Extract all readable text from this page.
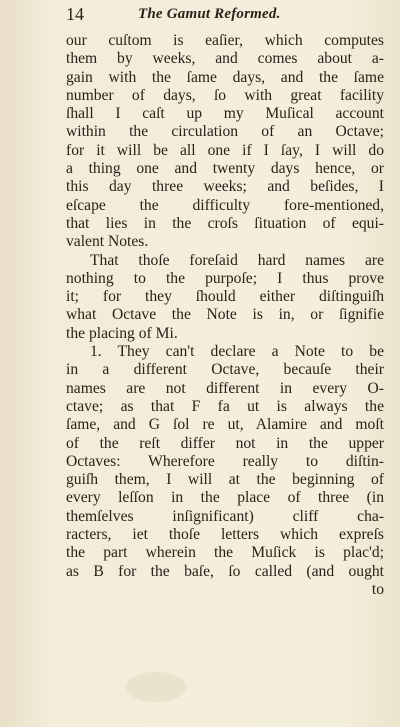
14	The Gamut Reformed.
our cuſtom is eaſier, which computes
them by weeks, and comes about a-
gain with the ſame days, and the ſame
number of days, ſo with great facility
ſhall I caſt up my Muſical account
within the circulation of an Octave;
for it will be all one if I ſay, I will do
a thing one and twenty days hence, or
this day three weeks; and beſides, I
eſcape the difficulty fore-mentioned,
that lies in the croſs ſituation of equi-
valent Notes.
That thoſe foreſaid hard names are
nothing to the purpoſe; I thus prove
it; for they ſhould either diſtinguiſh
what Octave the Note is in, or ſignifie
the placing of Mi.
1. They can't declare a Note to be
in a different Octave, becauſe their
names are not different in every O-
ctave; as that F fa ut is always the
ſame, and G ſol re ut, Alamire and moſt
of the reſt differ not in the upper
Octaves: Wherefore really to diſtin-
guiſh them, I will at the beginning of
every leſſon in the place of three (in
themſelves inſignificant) cliff cha-
racters, iet thoſe letters which expreſs
the part wherein the Muſick is plac'd;
as B for the baſe, ſo called (and ought
to
